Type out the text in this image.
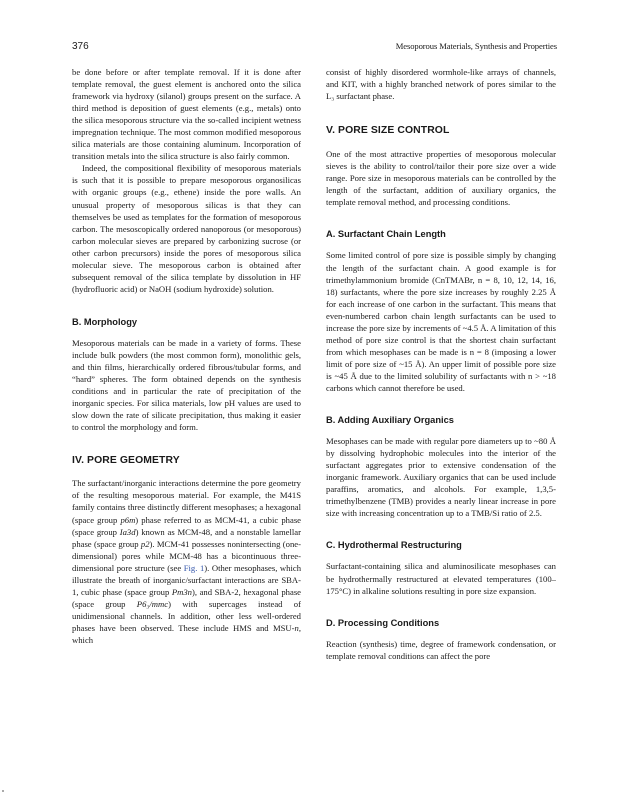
376	Mesoporous Materials, Synthesis and Properties

be done before or after template removal. If it is done after template removal, the guest element is anchored onto the silica framework via hydroxy (silanol) groups present on the surface. A third method is deposition of guest elements (e.g., metals) onto the silica mesoporous structure via the so-called incipient wetness impregnation technique. The most common modified mesoporous silica materials are those containing aluminum. Incorporation of transition metals into the silica structure is also fairly common.

Indeed, the compositional flexibility of mesoporous materials is such that it is possible to prepare mesoporous organosilicas with organic groups (e.g., ethene) inside the pore walls. An unusual property of mesoporous silicas is that they can themselves be used as templates for the formation of mesoporous carbon. The mesoscopically ordered nanoporous (or mesoporous) carbon molecular sieves are prepared by carbonizing sucrose (or other carbon precursors) inside the pores of mesoporous silica molecular sieve. The mesoporous carbon is obtained after subsequent removal of the silica template by dissolution in HF (hydrofluoric acid) or NaOH (sodium hydroxide) solution.

B. Morphology

Mesoporous materials can be made in a variety of forms. These include bulk powders (the most common form), monolithic gels, and thin films, hierarchically ordered fibrous/tubular forms, and “hard” spheres. The form obtained depends on the synthesis conditions and in particular the rate of precipitation of the inorganic species. For silica materials, low pH values are used to slow down the rate of silicate precipitation, thus making it easier to control the morphology and form.

IV. PORE GEOMETRY

The surfactant/inorganic interactions determine the pore geometry of the resulting mesoporous material. For example, the M41S family contains three distinctly different mesophases; a hexagonal (space group p6m) phase referred to as MCM-41, a cubic phase (space group Ia3d) known as MCM-48, and a nonstable lamellar phase (space group p2). MCM-41 possesses nonintersecting (one-dimensional) pores while MCM-48 has a bicontinuous three-dimensional pore structure (see Fig. 1). Other mesophases, which illustrate the breath of inorganic/surfactant interactions are SBA-1, cubic phase (space group Pm3n), and SBA-2, hexagonal phase (space group P6₃/mmc) with supercages instead of unidimensional channels. In addition, other less well-ordered phases have been observed. These include HMS and MSU-n, which

consist of highly disordered wormhole-like arrays of channels, and KIT, with a highly branched network of pores similar to the L₃ surfactant phase.

V. PORE SIZE CONTROL

One of the most attractive properties of mesoporous molecular sieves is the ability to control/tailor their pore size over a wide range. Pore size in mesoporous materials can be controlled by the length of the surfactant, addition of auxiliary organics, the template removal method, and processing conditions.

A. Surfactant Chain Length

Some limited control of pore size is possible simply by changing the length of the surfactant chain. A good example is for trimethylammonium bromide (CnTMABr, n = 8, 10, 12, 14, 16, 18) surfactants, where the pore size increases by roughly 2.25 Å for each increase of one carbon in the surfactant. This means that even-numbered carbon chain length surfactants can be used to increase the pore size by increments of ~4.5 Å. A limitation of this method of pore size control is that the shortest chain surfactant from which mesophases can be made is n = 8 (imposing a lower limit of pore size of ~15 Å). An upper limit of possible pore size is ~45 Å due to the limited solubility of surfactants with n > ~18 carbons which cannot therefore be used.

B. Adding Auxiliary Organics

Mesophases can be made with regular pore diameters up to ~80 Å by dissolving hydrophobic molecules into the interior of the surfactant aggregates prior to extensive condensation of the inorganic framework. Auxiliary organics that can be used include paraffins, aromatics, and alcohols. For example, 1,3,5-trimethylbenzene (TMB) provides a nearly linear increase in pore size with increasing concentration up to a TMB/Si ratio of 2.5.

C. Hydrothermal Restructuring

Surfactant-containing silica and aluminosilicate mesophases can be hydrothermally restructured at elevated temperatures (100–175°C) in alkaline solutions resulting in pore size expansion.

D. Processing Conditions

Reaction (synthesis) time, degree of framework condensation, or template removal conditions can affect the pore
